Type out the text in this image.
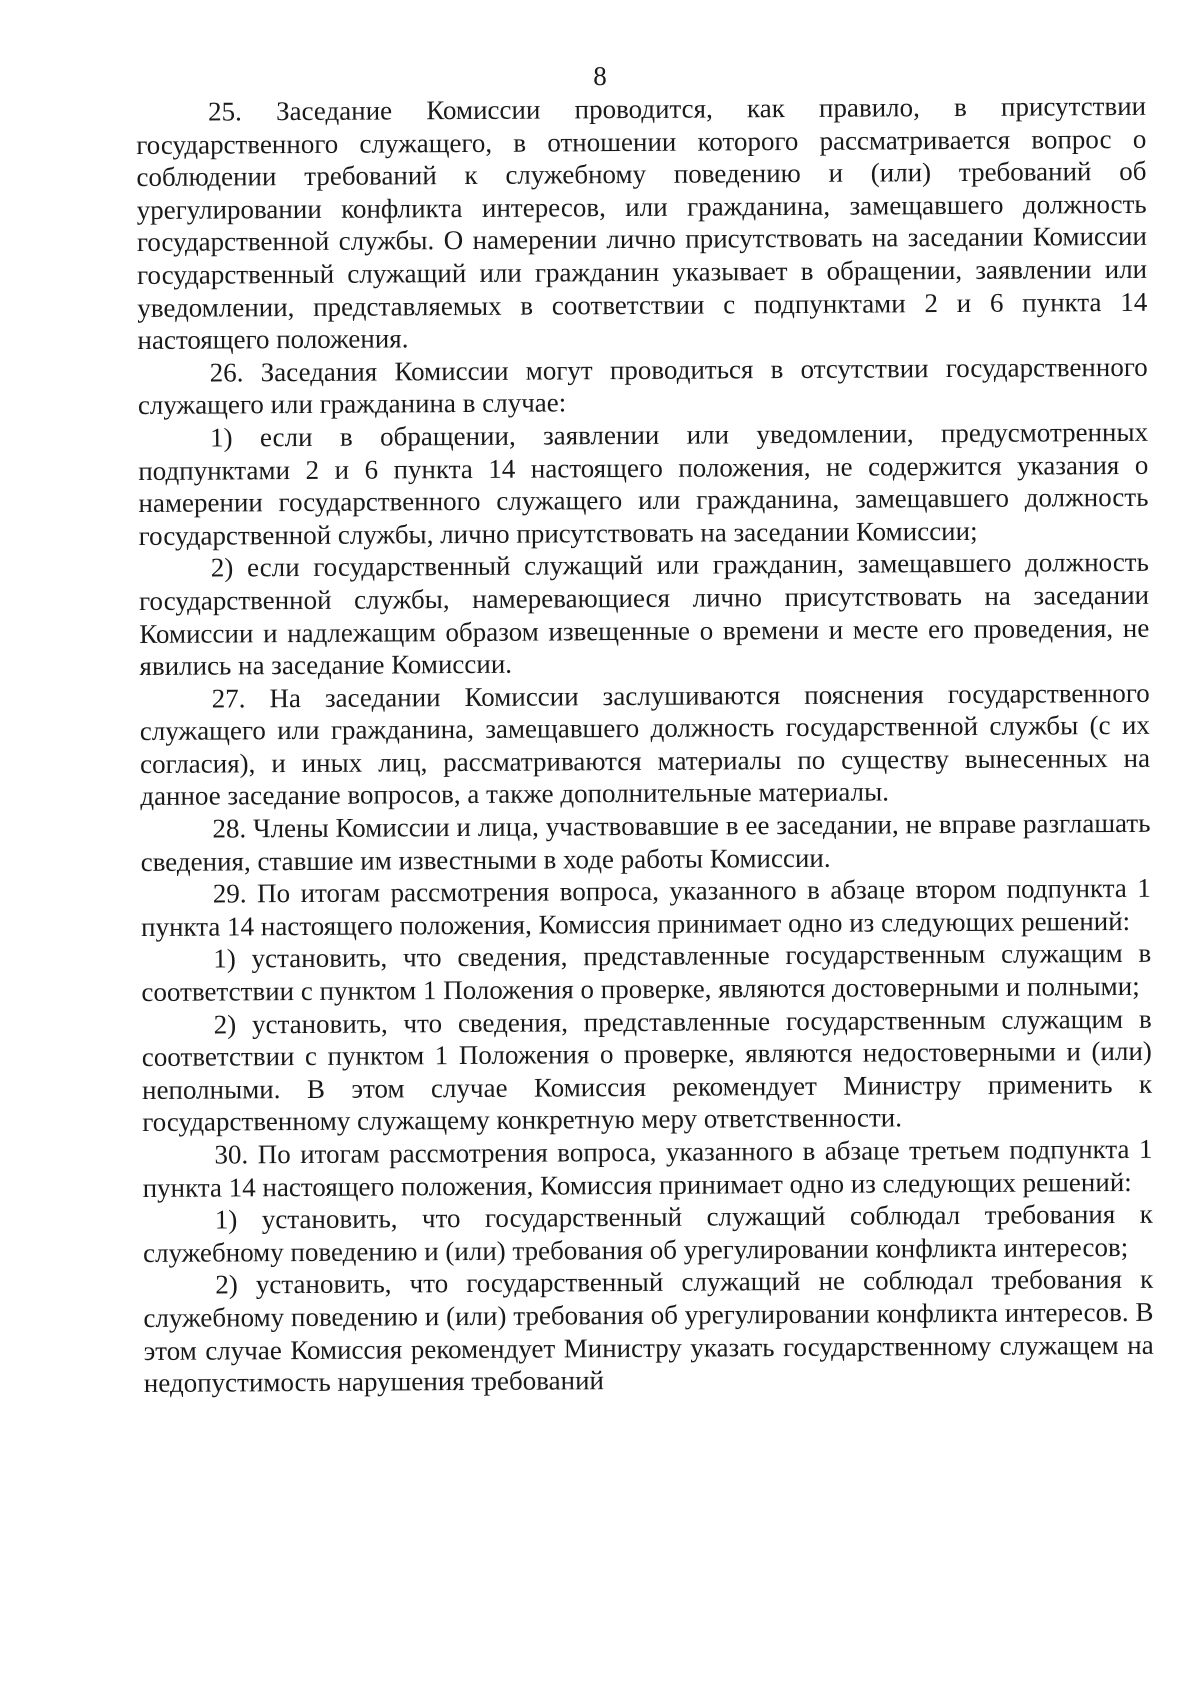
8

25. Заседание Комиссии проводится, как правило, в присутствии государственного служащего, в отношении которого рассматривается вопрос о соблюдении требований к служебному поведению и (или) требований об урегулировании конфликта интересов, или гражданина, замещавшего должность государственной службы. О намерении лично присутствовать на заседании Комиссии государственный служащий или гражданин указывает в обращении, заявлении или уведомлении, представляемых в соответствии с подпунктами 2 и 6 пункта 14 настоящего положения.

26. Заседания Комиссии могут проводиться в отсутствии государственного служащего или гражданина в случае:

1) если в обращении, заявлении или уведомлении, предусмотренных подпунктами 2 и 6 пункта 14 настоящего положения, не содержится указания о намерении государственного служащего или гражданина, замещавшего должность государственной службы, лично присутствовать на заседании Комиссии;

2) если государственный служащий или гражданин, замещавшего должность государственной службы, намеревающиеся лично присутствовать на заседании Комиссии и надлежащим образом извещенные о времени и месте его проведения, не явились на заседание Комиссии.

27. На заседании Комиссии заслушиваются пояснения государственного служащего или гражданина, замещавшего должность государственной службы (с их согласия), и иных лиц, рассматриваются материалы по существу вынесенных на данное заседание вопросов, а также дополнительные материалы.

28. Члены Комиссии и лица, участвовавшие в ее заседании, не вправе разглашать сведения, ставшие им известными в ходе работы Комиссии.

29. По итогам рассмотрения вопроса, указанного в абзаце втором подпункта 1 пункта 14 настоящего положения, Комиссия принимает одно из следующих решений:

1) установить, что сведения, представленные государственным служащим в соответствии с пунктом 1 Положения о проверке, являются достоверными и полными;

2) установить, что сведения, представленные государственным служащим в соответствии с пунктом 1 Положения о проверке, являются недостоверными и (или) неполными. В этом случае Комиссия рекомендует Министру применить к государственному служащему конкретную меру ответственности.

30. По итогам рассмотрения вопроса, указанного в абзаце третьем подпункта 1 пункта 14 настоящего положения, Комиссия принимает одно из следующих решений:

1) установить, что государственный служащий соблюдал требования к служебному поведению и (или) требования об урегулировании конфликта интересов;

2) установить, что государственный служащий не соблюдал требования к служебному поведению и (или) требования об урегулировании конфликта интересов. В этом случае Комиссия рекомендует Министру указать государственному служащем на недопустимость нарушения требований
